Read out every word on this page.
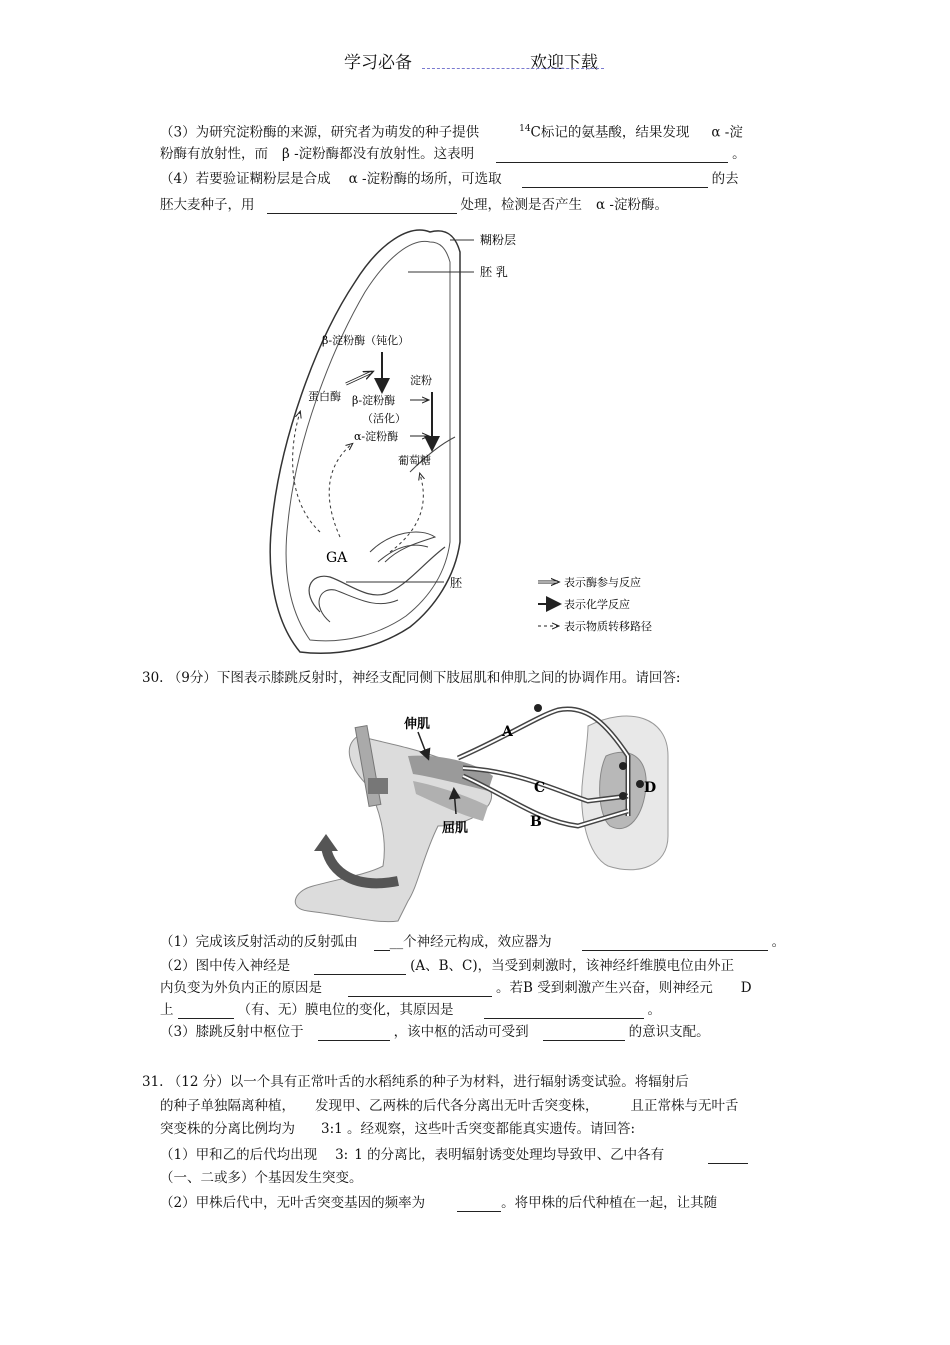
学习必备	欢迎下载
（3）为研究淀粉酶的来源，研究者为萌发的种子提供	$^{14}$C标记的氨基酸，结果发现 α -淀
粉酶有放射性，而 β -淀粉酶都没有放射性。这表明	。
（4）若要验证糊粉层是合成 α -淀粉酶的场所，可选取	的去
胚大麦种子，用	处理，检测是否产生 α -淀粉酶。
糊粉层
胚 乳
胚
β-淀粉酶（钝化）
蛋白酶 β-淀粉酶
（活化）
α-淀粉酶
淀粉
葡萄糖
GA
表示酶参与反应
表示化学反应
表示物质转移路径
30. （9分）下图表示膝跳反射时，神经支配同侧下肢屈肌和伸肌之间的协调作用。请回答:
伸肌
屈肌
A
B
C	D
（1）完成该反射活动的反射弧由 __个神经元构成，效应器为	。
（2）图中传入神经是	(A、B、C)，当受到刺激时，该神经纤维膜电位由外正
内负变为外负内正的原因是	。若B 受到刺激产生兴奋，则神经元 D
上	（有、无）膜电位的变化，其原因是	。
（3）膝跳反射中枢位于	，该中枢的活动可受到	的意识支配。
31. （12 分）以一个具有正常叶舌的水稻纯系的种子为材料，进行辐射诱变试验。将辐射后
的种子单独隔离种植， 发现甲、乙两株的后代各分离出无叶舌突变株， 且正常株与无叶舌
突变株的分离比例均为 3:1 。经观察，这些叶舌突变都能真实遗传。请回答:
（1）甲和乙的后代均出现 3: 1 的分离比，表明辐射诱变处理均导致甲、乙中各有
（一、二或多）个基因发生突变。
（2）甲株后代中，无叶舌突变基因的频率为	。将甲株的后代种植在一起，让其随
